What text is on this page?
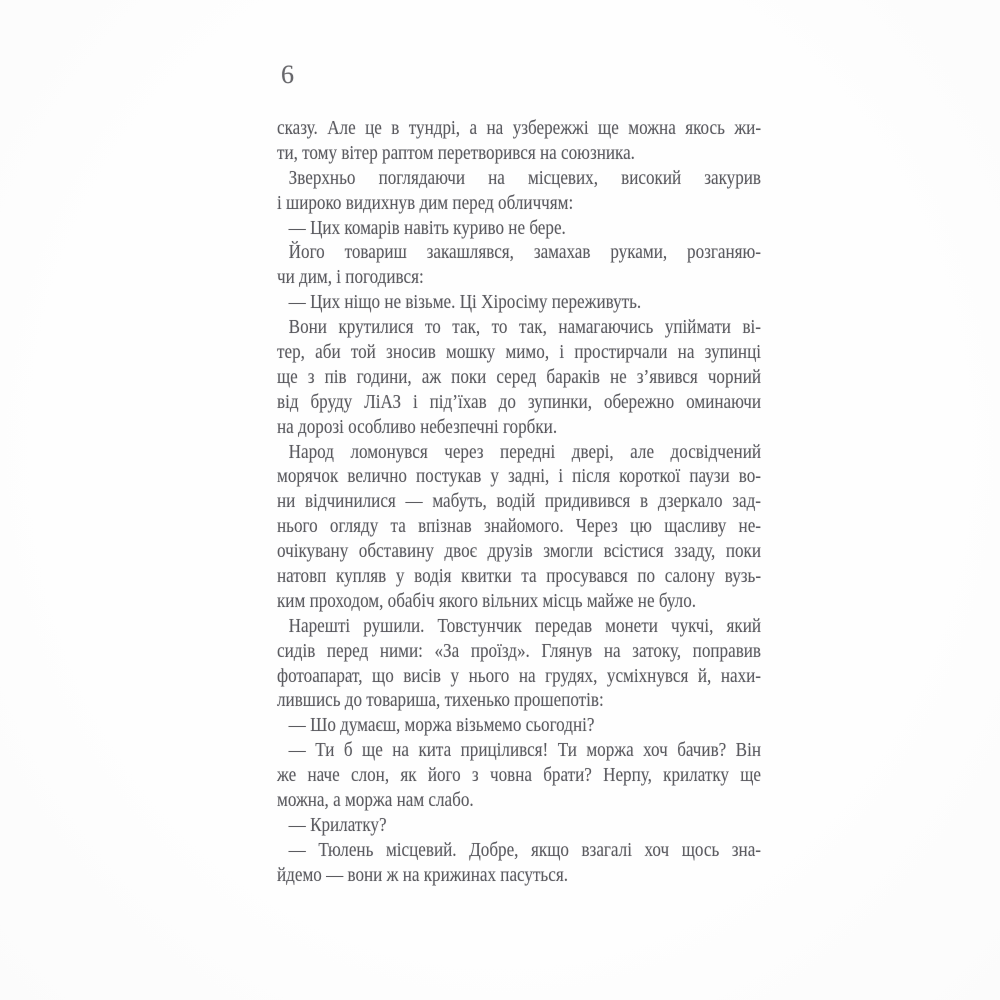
6
сказу. Але це в тундрі, а на узбережжі ще можна якось жи-
ти, тому вітер раптом перетворився на союзника.
Зверхньо поглядаючи на місцевих, високий закурив
і широко видихнув дим перед обличчям:
— Цих комарів навіть куриво не бере.
Його товариш закашлявся, замахав руками, розганяю-
чи дим, і погодився:
— Цих ніщо не візьме. Ці Хіросіму переживуть.
Вони крутилися то так, то так, намагаючись упіймати ві-
тер, аби той зносив мошку мимо, і простирчали на зупинці
ще з пів години, аж поки серед бараків не з’явився чорний
від бруду ЛіАЗ і під’їхав до зупинки, обережно оминаючи
на дорозі особливо небезпечні горбки.
Народ ломонувся через передні двері, але досвідчений
морячок велично постукав у задні, і після короткої паузи во-
ни відчинилися — мабуть, водій придивився в дзеркало зад-
нього огляду та впізнав знайомого. Через цю щасливу не-
очікувану обставину двоє друзів змогли всістися ззаду, поки
натовп купляв у водія квитки та просувався по салону вузь-
ким проходом, обабіч якого вільних місць майже не було.
Нарешті рушили. Товстунчик передав монети чукчі, який
сидів перед ними: «За проїзд». Глянув на затоку, поправив
фотоапарат, що висів у нього на грудях, усміхнувся й, нахи-
лившись до товариша, тихенько прошепотів:
— Шо думаєш, моржа візьмемо сьогодні?
— Ти б ще на кита прицілився! Ти моржа хоч бачив? Він
же наче слон, як його з човна брати? Нерпу, крилатку ще
можна, а моржа нам слабо.
— Крилатку?
— Тюлень місцевий. Добре, якщо взагалі хоч щось зна-
йдемо — вони ж на крижинах пасуться.
